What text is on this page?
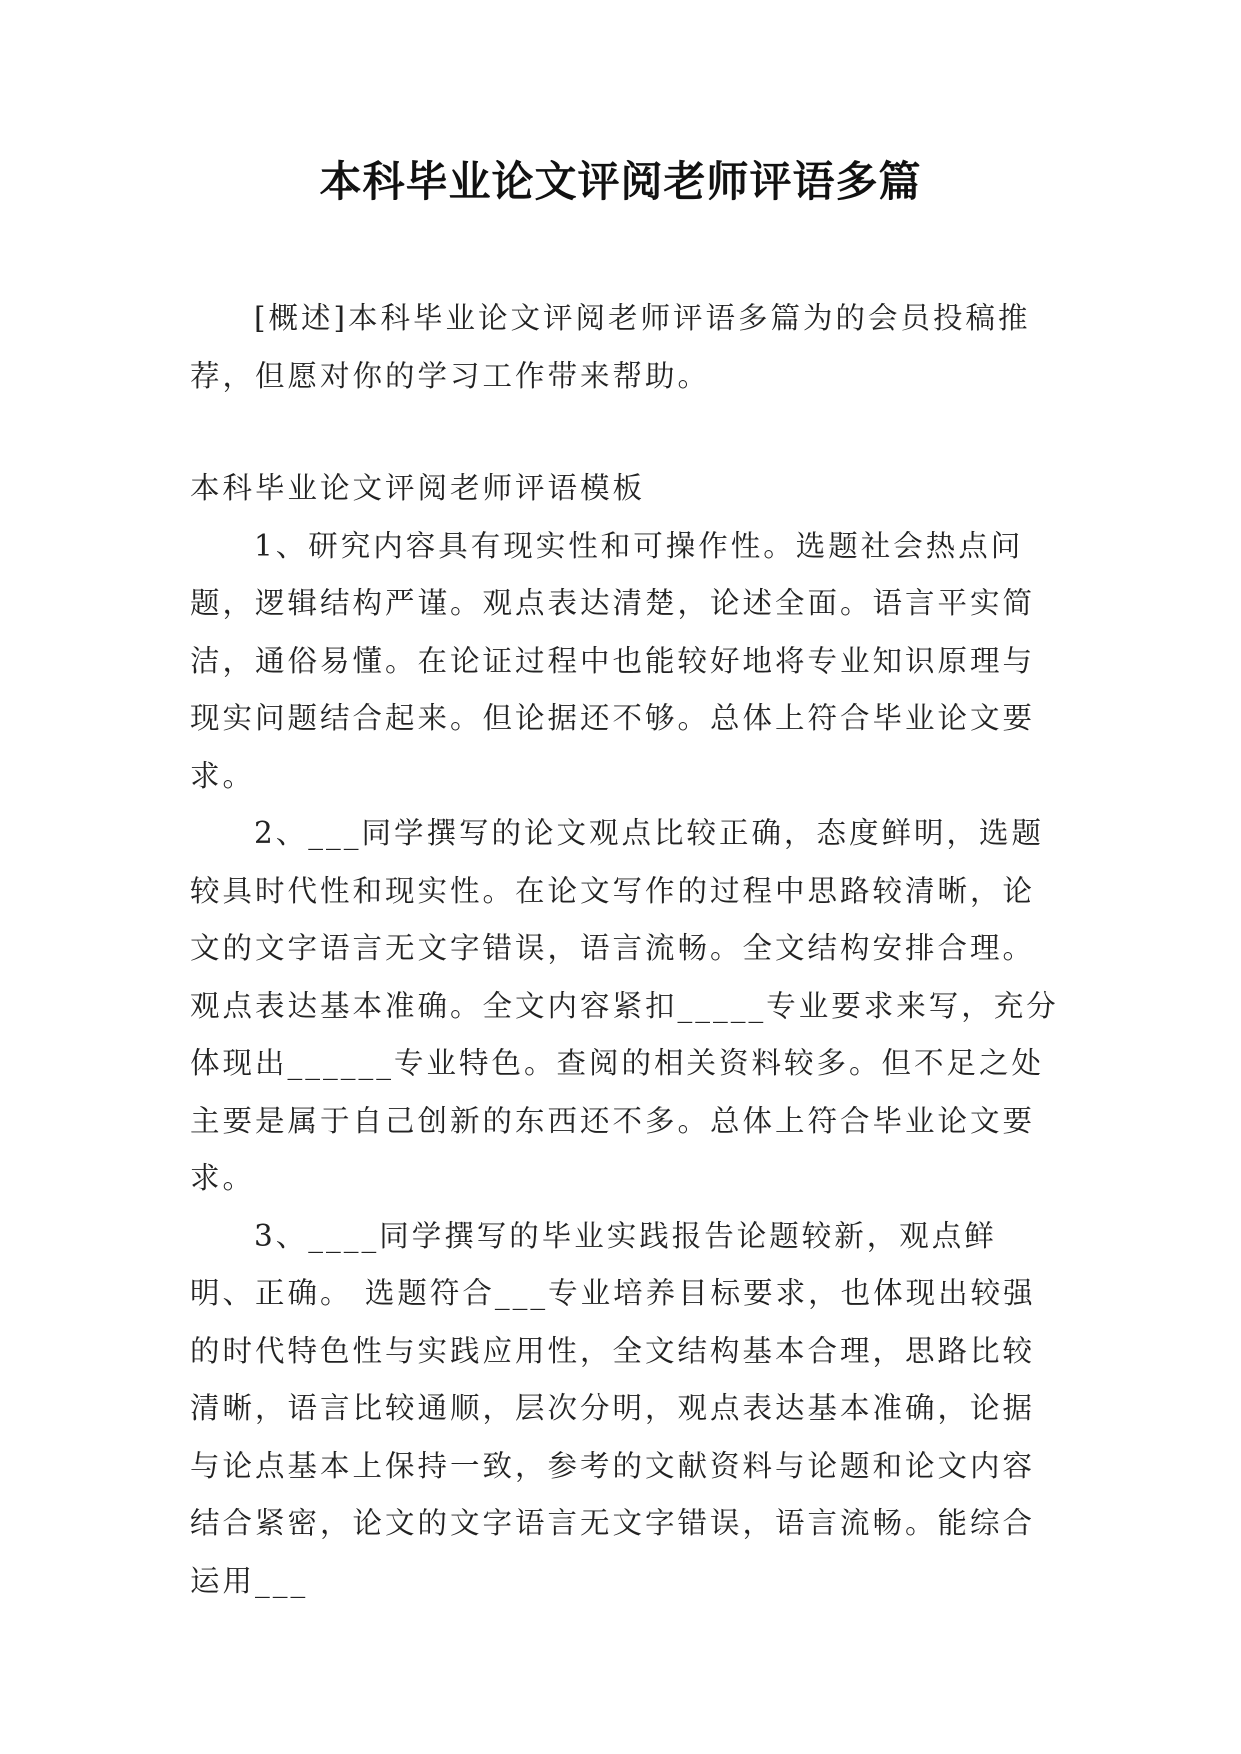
本科毕业论文评阅老师评语多篇

[概述]本科毕业论文评阅老师评语多篇为的会员投稿推荐，但愿对你的学习工作带来帮助。

本科毕业论文评阅老师评语模板

1、研究内容具有现实性和可操作性。选题社会热点问题，逻辑结构严谨。观点表达清楚，论述全面。语言平实简洁，通俗易懂。在论证过程中也能较好地将专业知识原理与现实问题结合起来。但论据还不够。总体上符合毕业论文要求。

2、___同学撰写的论文观点比较正确，态度鲜明，选题较具时代性和现实性。在论文写作的过程中思路较清晰，论文的文字语言无文字错误，语言流畅。全文结构安排合理。观点表达基本准确。全文内容紧扣_____专业要求来写，充分体现出______专业特色。查阅的相关资料较多。但不足之处主要是属于自己创新的东西还不多。总体上符合毕业论文要求。

3、____同学撰写的毕业实践报告论题较新，观点鲜明、正确。 选题符合___专业培养目标要求，也体现出较强的时代特色性与实践应用性，全文结构基本合理，思路比较清晰，语言比较通顺，层次分明，观点表达基本准确，论据与论点基本上保持一致，参考的文献资料与论题和论文内容结合紧密，论文的文字语言无文字错误，语言流畅。能综合运用___
